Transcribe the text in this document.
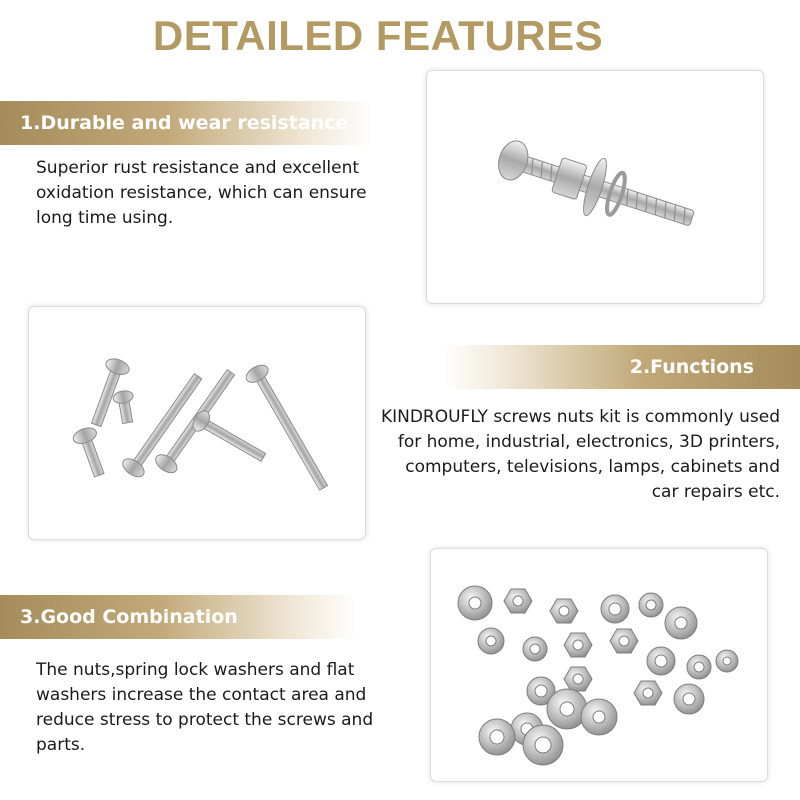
DETAILED FEATURES
1.Durable and wear resistance
Superior rust resistance and excellent oxidation resistance, which can ensure long time using.
2.Functions
KINDROUFLY screws nuts kit is commonly used for home, industrial, electronics, 3D printers, computers, televisions, lamps, cabinets and car repairs etc.
3.Good Combination
The nuts,spring lock washers and flat washers increase the contact area and reduce stress to protect the screws and parts.
